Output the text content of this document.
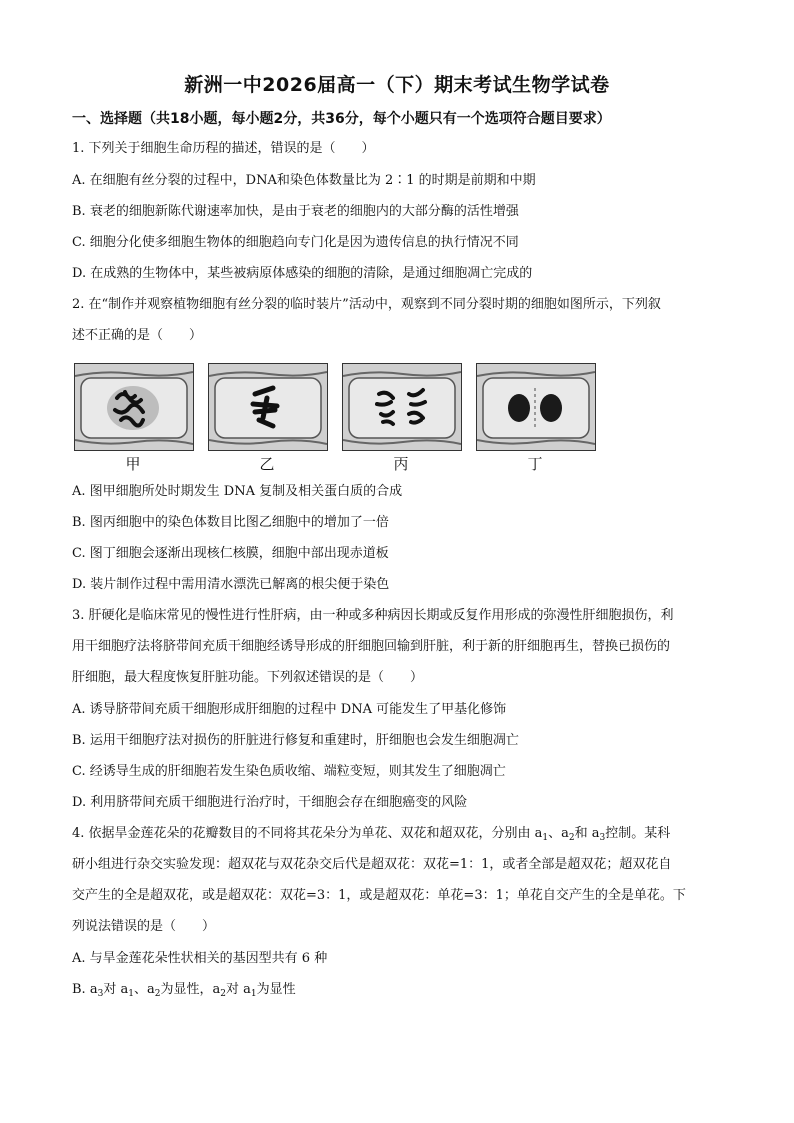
新洲一中2026届高一（下）期末考试生物学试卷
一、选择题（共18小题，每小题2分，共36分，每个小题只有一个选项符合题目要求）
1. 下列关于细胞生命历程的描述，错误的是（　　）
A. 在细胞有丝分裂的过程中，DNA和染色体数量比为 2∶1 的时期是前期和中期
B. 衰老的细胞新陈代谢速率加快，是由于衰老的细胞内的大部分酶的活性增强
C. 细胞分化使多细胞生物体的细胞趋向专门化是因为遗传信息的执行情况不同
D. 在成熟的生物体中，某些被病原体感染的细胞的清除，是通过细胞凋亡完成的
2. 在“制作并观察植物细胞有丝分裂的临时装片”活动中，观察到不同分裂时期的细胞如图所示，下列叙
述不正确的是（　　）
甲	乙	丙	丁
A. 图甲细胞所处时期发生 DNA 复制及相关蛋白质的合成
B. 图丙细胞中的染色体数目比图乙细胞中的增加了一倍
C. 图丁细胞会逐渐出现核仁核膜，细胞中部出现赤道板
D. 装片制作过程中需用清水漂洗已解离的根尖便于染色
3. 肝硬化是临床常见的慢性进行性肝病，由一种或多种病因长期或反复作用形成的弥漫性肝细胞损伤，利
用干细胞疗法将脐带间充质干细胞经诱导形成的肝细胞回输到肝脏，利于新的肝细胞再生，替换已损伤的
肝细胞，最大程度恢复肝脏功能。下列叙述错误的是（　　）
A. 诱导脐带间充质干细胞形成肝细胞的过程中 DNA 可能发生了甲基化修饰
B. 运用干细胞疗法对损伤的肝脏进行修复和重建时，肝细胞也会发生细胞凋亡
C. 经诱导生成的肝细胞若发生染色质收缩、端粒变短，则其发生了细胞凋亡
D. 利用脐带间充质干细胞进行治疗时，干细胞会存在细胞癌变的风险
4. 依据旱金莲花朵的花瓣数目的不同将其花朵分为单花、双花和超双花，分别由 $a_1$、$a_2$和 $a_3$控制。某科
研小组进行杂交实验发现：超双花与双花杂交后代是超双花：双花=1：1，或者全部是超双花；超双花自
交产生的全是超双花，或是超双花：双花=3：1，或是超双花：单花=3：1；单花自交产生的全是单花。下
列说法错误的是（　　）
A. 与旱金莲花朵性状相关的基因型共有 6 种
B. $a_3$对 $a_1$、$a_2$为显性，$a_2$对 $a_1$为显性
